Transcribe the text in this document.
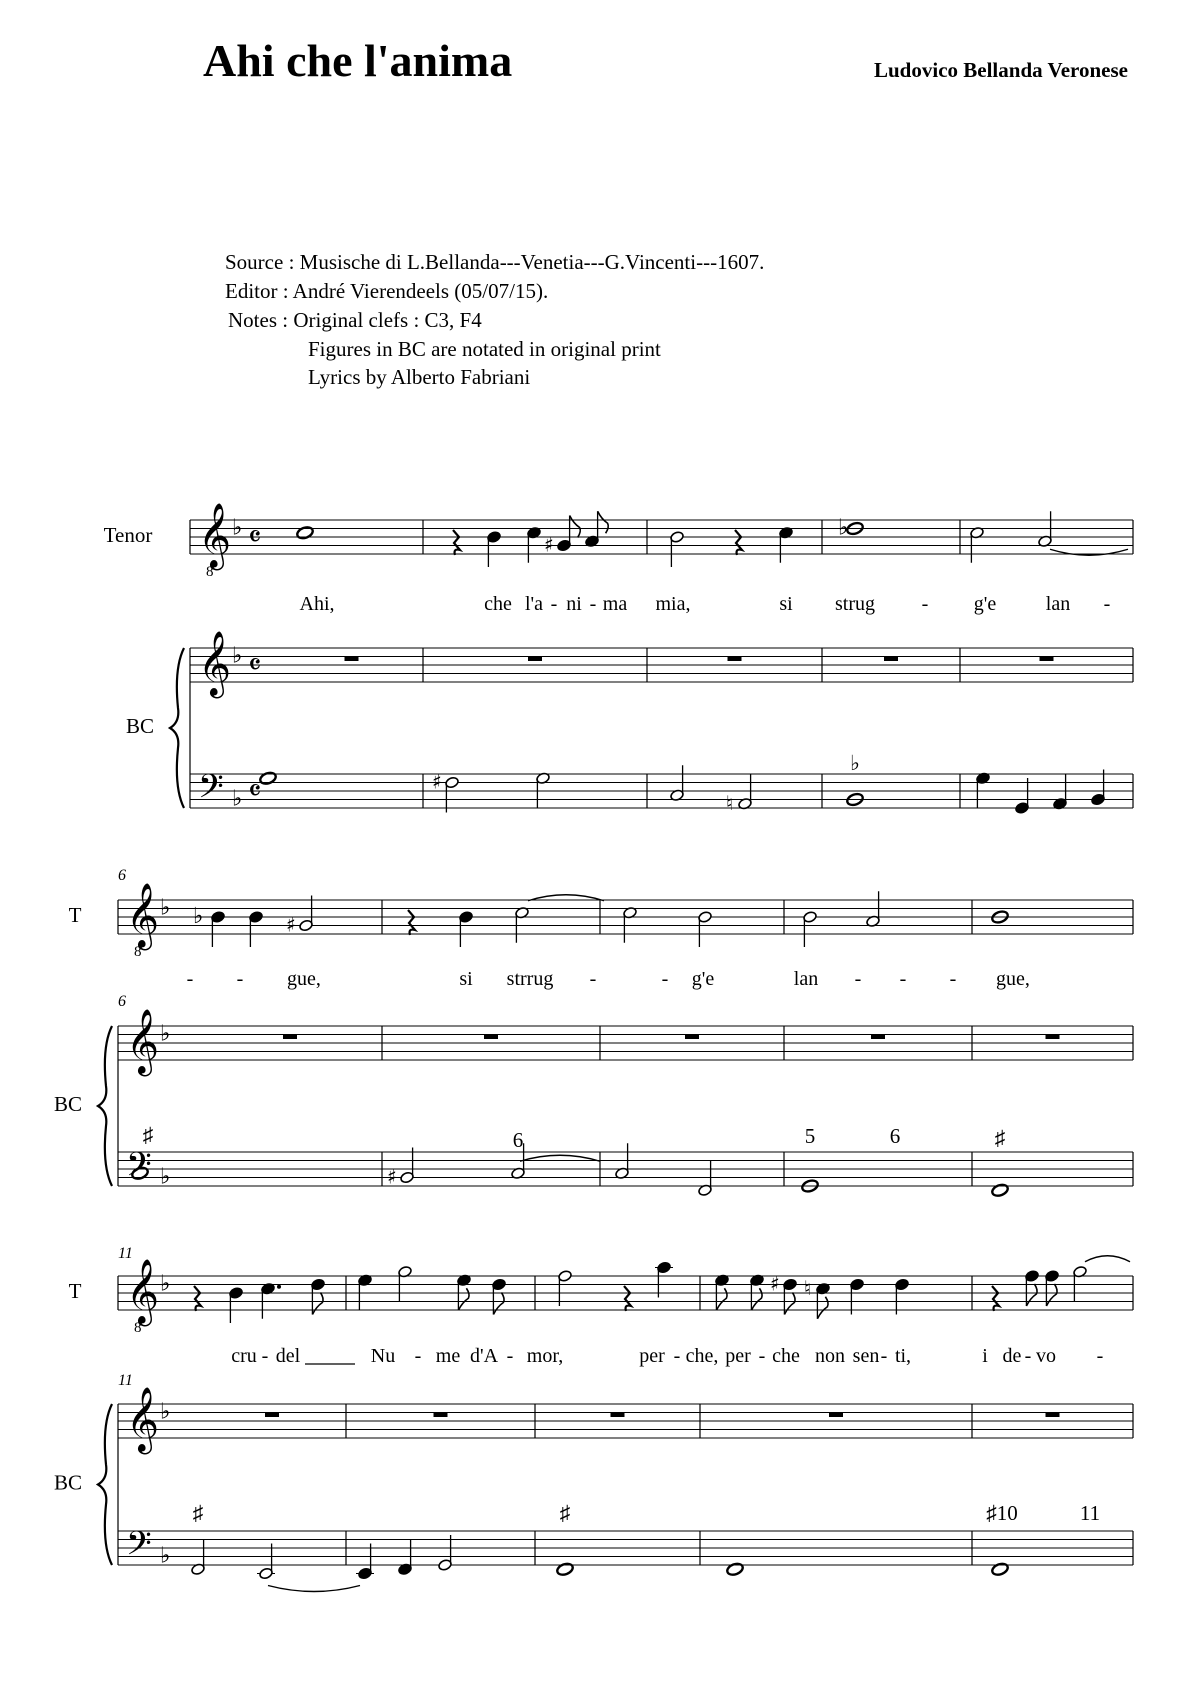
Ahi che l'anima	Ludovico Bellanda Veronese
Source : Musische di L.Bellanda---Venetia---G.Vincenti---1607.
Editor : André Vierendeels (05/07/15).
Notes : Original clefs : C3, F4
Figures in BC are notated in original print
Lyrics by Alberto Fabriani
𝄞
8
𝄞
𝄢
♭
♭
♭
𝄴
𝄴
𝄴
Tenor
BC
♯
♭
Ahi,	che l'a - ni - ma mia,	si strug - g'e lan -
♯
♮
♭
6
6
𝄞
8
𝄞
𝄢
♭
♭
♭
T
BC
♭	♯
- - gue,	si strrug -	- g'e	lan - - - gue,
♯
♯
6	5	6	♯
11
11
𝄞
8
𝄞
𝄢
♭
♭
♭
T
BC
♯ ♮
cru - del	Nu - me d'A - mor,	per - che, per - che non sen - ti,	i de - vo -
♯	♯	♯10	11
